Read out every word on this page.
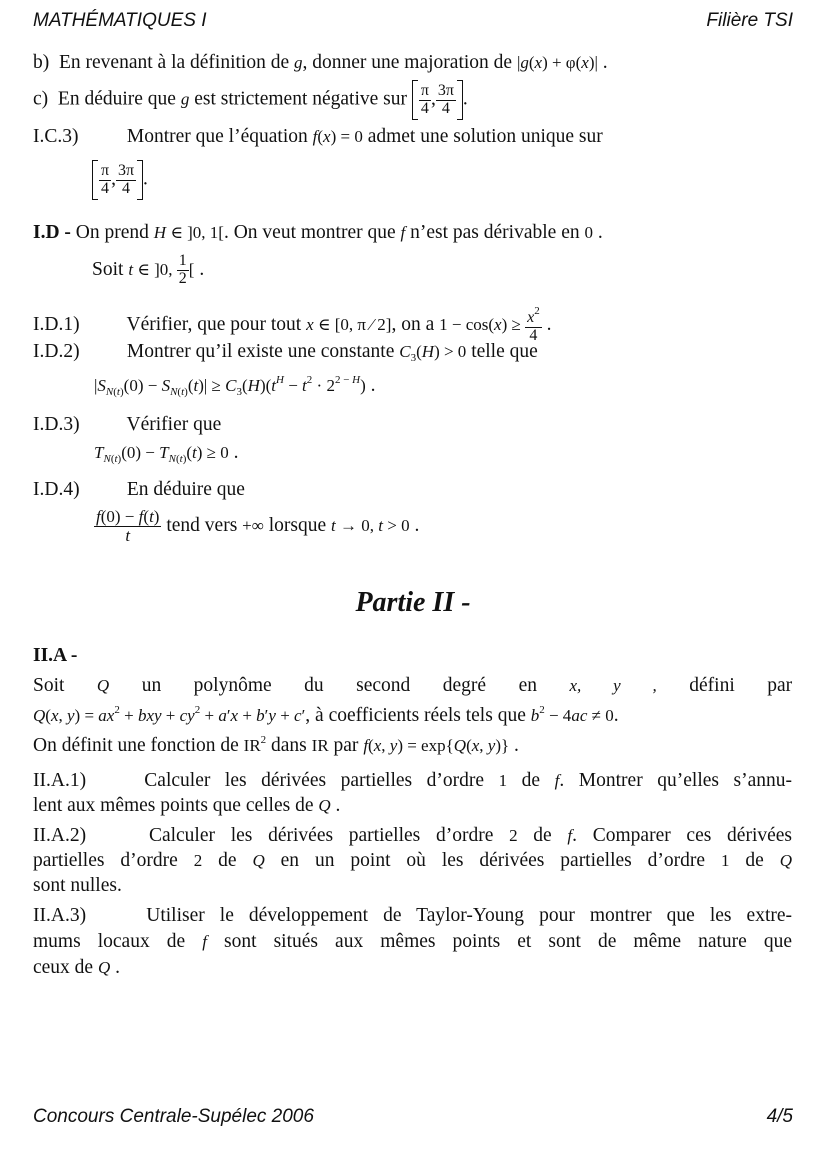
MATHÉMATIQUES I	Filière TSI
b) En revenant à la définition de g, donner une majoration de |g(x) + φ(x)| .
c) En déduire que g est strictement négative sur $\frac{\pi}{4}$ , $\frac{3\pi}{4}$ .
I.C.3) Montrer que l’équation f(x) = 0 admet une solution unique sur
$\frac{\pi}{4}$ , $\frac{3\pi}{4}$ .
I.D - On prend H ∈ ]0, 1[. On veut montrer que f n’est pas dérivable en 0 .
Soit t ∈ ]0, $\frac{1}{2}$ [ .
I.D.1) Vérifier, que pour tout x ∈ [0, π ⁄ 2], on a $1 - \cos(x) \ge \frac{x^2}{4}$ .
I.D.2) Montrer qu’il existe une constante $C_3(H) > 0$ telle que
$|S_{N(t)}(0) - S_{N(t)}(t)| \ge C_3(H)(t^H - t^2 \cdot 2^{2 - H})$ .
I.D.3) Vérifier que
$T_{N(t)}(0) - T_{N(t)}(t) \ge 0$ .
I.D.4) En déduire que
$\frac{f(0) - f(t)}{t}$ tend vers +∞ lorsque t → 0, t > 0 .
Partie II -
II.A -
Soit Q un polynôme du second degré en x, y , défini par
Q(x, $y) = ax^2$ + bxy + $cy^2 + a'x + b'y + c'$, à coefficients réels tels que $b^2 - 4ac \ne 0$.
On définit une fonction de $IR^2$ dans IR par f(x, y) = exp{Q(x, y)} .
II.A.1)	Calculer les dérivées partielles d’ordre 1 de f. Montrer qu’elles s’annu-
lent aux mêmes points que celles de Q .
II.A.2)	Calculer les dérivées partielles d’ordre 2 de f. Comparer ces dérivées
partielles d’ordre 2 de Q en un point où les dérivées partielles d’ordre 1 de Q
sont nulles.
II.A.3)	Utiliser le développement de Taylor-Young pour montrer que les extre-
mums locaux de f sont situés aux mêmes points et sont de même nature que
ceux de Q .
Concours Centrale-Supélec 2006	4/5
